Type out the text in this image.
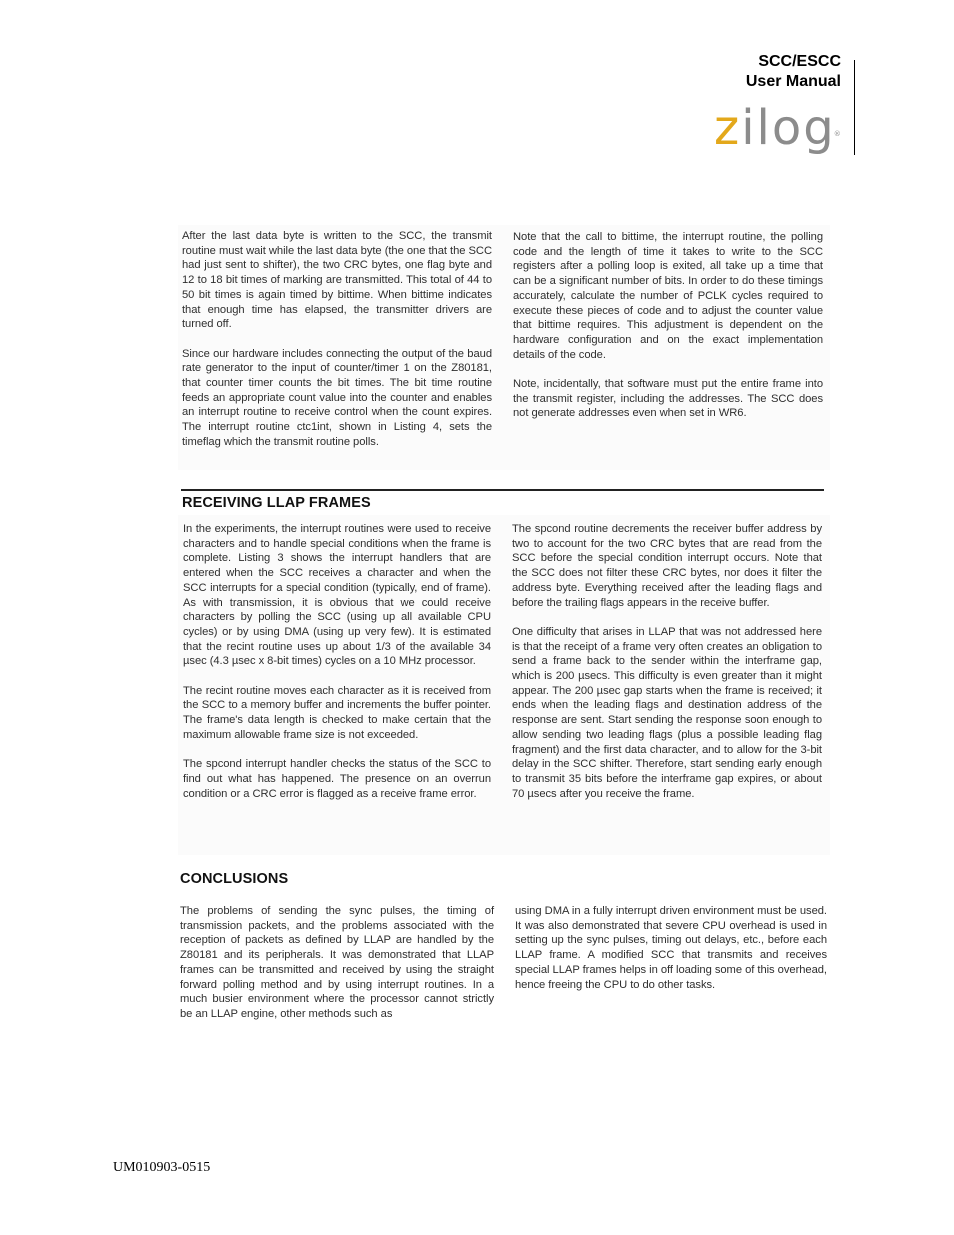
SCC/ESCC
User Manual
zilog®

After the last data byte is written to the SCC, the transmit routine must wait while the last data byte (the one that the SCC had just sent to shifter), the two CRC bytes, one flag byte and 12 to 18 bit times of marking are transmitted. This total of 44 to 50 bit times is again timed by bittime. When bittime indicates that enough time has elapsed, the transmitter drivers are turned off.

Since our hardware includes connecting the output of the baud rate generator to the input of counter/timer 1 on the Z80181, that counter timer counts the bit times. The bit time routine feeds an appropriate count value into the counter and enables an interrupt routine to receive control when the count expires. The interrupt routine ctc1int, shown in Listing 4, sets the timeflag which the transmit routine polls.

Note that the call to bittime, the interrupt routine, the polling code and the length of time it takes to write to the SCC registers after a polling loop is exited, all take up a time that can be a significant number of bits. In order to do these timings accurately, calculate the number of PCLK cycles required to execute these pieces of code and to adjust the counter value that bittime requires. This adjustment is dependent on the hardware configuration and on the exact implementation details of the code.

Note, incidentally, that software must put the entire frame into the transmit register, including the addresses. The SCC does not generate addresses even when set in WR6.

RECEIVING LLAP FRAMES

In the experiments, the interrupt routines were used to receive characters and to handle special conditions when the frame is complete. Listing 3 shows the interrupt handlers that are entered when the SCC receives a character and when the SCC interrupts for a special condition (typically, end of frame). As with transmission, it is obvious that we could receive characters by polling the SCC (using up all available CPU cycles) or by using DMA (using up very few). It is estimated that the recint routine uses up about 1/3 of the available 34 µsec (4.3 µsec x 8-bit times) cycles on a 10 MHz processor.

The recint routine moves each character as it is received from the SCC to a memory buffer and increments the buffer pointer. The frame's data length is checked to make certain that the maximum allowable frame size is not exceeded.

The spcond interrupt handler checks the status of the SCC to find out what has happened. The presence on an overrun condition or a CRC error is flagged as a receive frame error.

The spcond routine decrements the receiver buffer address by two to account for the two CRC bytes that are read from the SCC before the special condition interrupt occurs. Note that the SCC does not filter these CRC bytes, nor does it filter the address byte. Everything received after the leading flags and before the trailing flags appears in the receive buffer.

One difficulty that arises in LLAP that was not addressed here is that the receipt of a frame very often creates an obligation to send a frame back to the sender within the interframe gap, which is 200 µsecs. This difficulty is even greater than it might appear. The 200 µsec gap starts when the frame is received; it ends when the leading flags and destination address of the response are sent. Start sending the response soon enough to allow sending two leading flags (plus a possible leading flag fragment) and the first data character, and to allow for the 3-bit delay in the SCC shifter. Therefore, start sending early enough to transmit 35 bits before the interframe gap expires, or about 70 µsecs after you receive the frame.

CONCLUSIONS

The problems of sending the sync pulses, the timing of transmission packets, and the problems associated with the reception of packets as defined by LLAP are handled by the Z80181 and its peripherals. It was demonstrated that LLAP frames can be transmitted and received by using the straight forward polling method and by using interrupt routines. In a much busier environment where the processor cannot strictly be an LLAP engine, other methods such as

using DMA in a fully interrupt driven environment must be used. It was also demonstrated that severe CPU overhead is used in setting up the sync pulses, timing out delays, etc., before each LLAP frame. A modified SCC that transmits and receives special LLAP frames helps in off loading some of this overhead, hence freeing the CPU to do other tasks.

UM010903-0515
